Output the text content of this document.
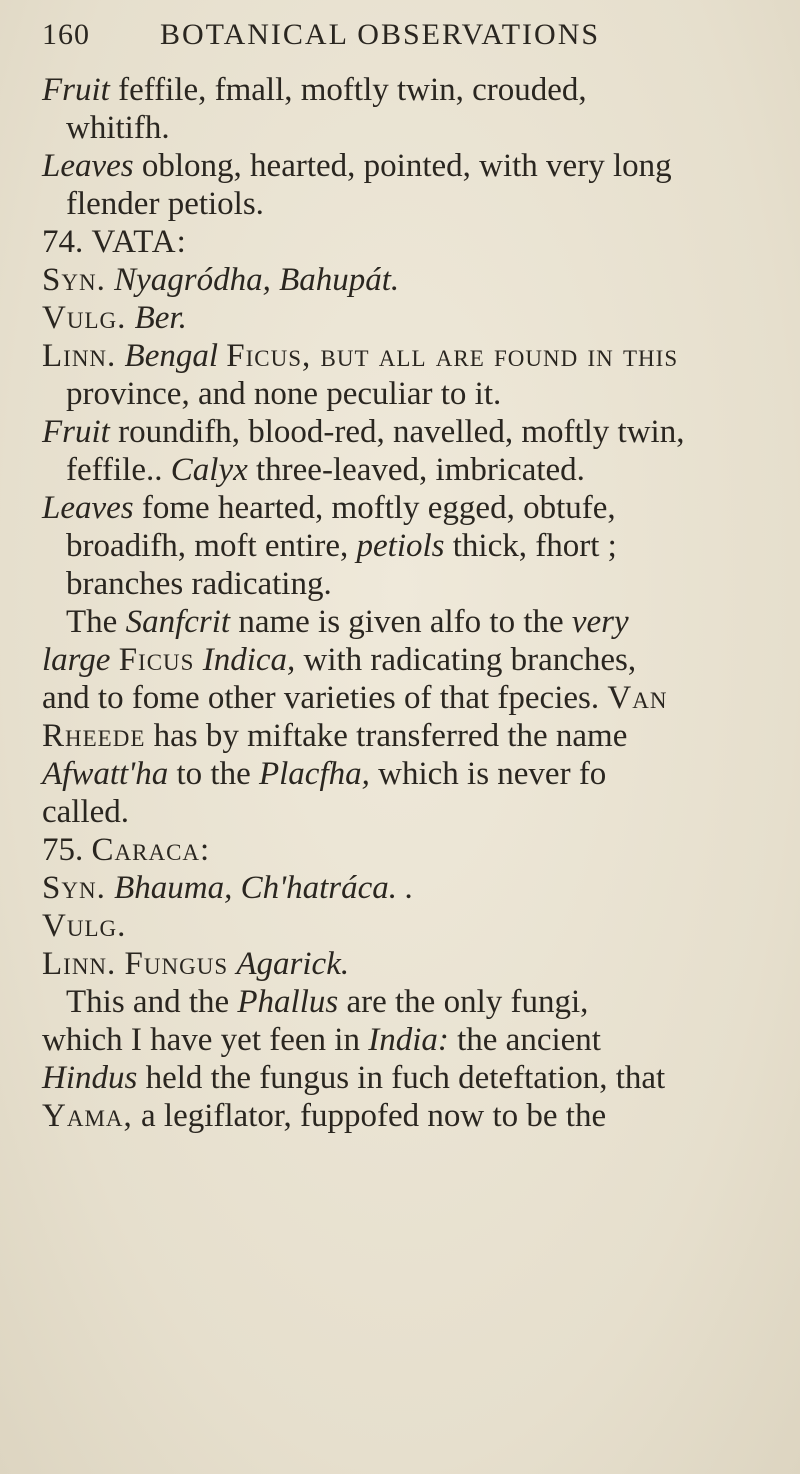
160 BOTANICAL OBSERVATIONS
Fruit feffile, fmall, moftly twin, crouded,
whitifh.
Leaves oblong, hearted, pointed, with very long
flender petiols.
74. VATA:
Syn. Nyagródha, Bahupát.
Vulg. Ber.
Linn. Bengal Ficus, but all are found in this
province, and none peculiar to it.
Fruit roundifh, blood-red, navelled, moftly twin,
feffile.. Calyx three-leaved, imbricated.
Leaves fome hearted, moftly egged, obtufe,
broadifh, moft entire, petiols thick, fhort ;
branches radicating.
The Sanfcrit name is given alfo to the very
large Ficus Indica, with radicating branches,
and to fome other varieties of that fpecies. Van
Rheede has by miftake transferred the name
Afwatt'ha to the Placfha, which is never fo
called.
75. Caraca:
Syn. Bhauma, Ch'hatráca. .
Vulg.
Linn. Fungus Agarick.
This and the Phallus are the only fungi,
which I have yet feen in India: the ancient
Hindus held the fungus in fuch deteftation, that
Yama, a legiflator, fuppofed now to be the
